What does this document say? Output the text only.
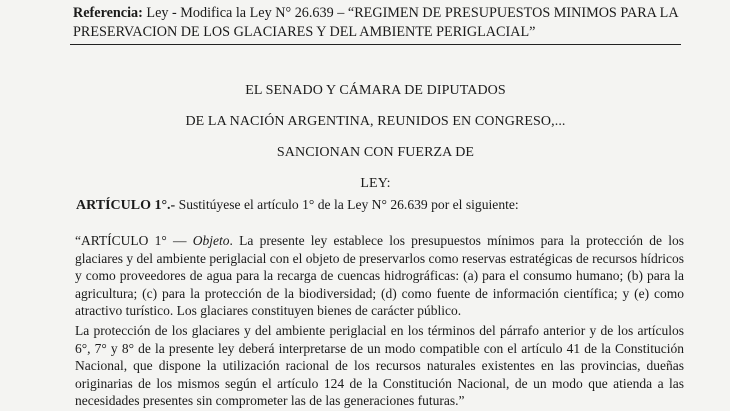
Referencia: Ley - Modifica la Ley N° 26.639 – “REGIMEN DE PRESUPUESTOS MINIMOS PARA LA PRESERVACION DE LOS GLACIARES Y DEL AMBIENTE PERIGLACIAL”
EL SENADO Y CÁMARA DE DIPUTADOS
DE LA NACIÓN ARGENTINA, REUNIDOS EN CONGRESO,...
SANCIONAN CON FUERZA DE
LEY:
ARTÍCULO 1°.- Sustitúyese el artículo 1° de la Ley N° 26.639 por el siguiente:
“ARTÍCULO 1° — Objeto. La presente ley establece los presupuestos mínimos para la protección de los glaciares y del ambiente periglacial con el objeto de preservarlos como reservas estratégicas de recursos hídricos y como proveedores de agua para la recarga de cuencas hidrográficas: (a) para el consumo humano; (b) para la agricultura; (c) para la protección de la biodiversidad; (d) como fuente de información científica; y (e) como atractivo turístico. Los glaciares constituyen bienes de carácter público.
La protección de los glaciares y del ambiente periglacial en los términos del párrafo anterior y de los artículos 6°, 7° y 8° de la presente ley deberá interpretarse de un modo compatible con el artículo 41 de la Constitución Nacional, que dispone la utilización racional de los recursos naturales existentes en las provincias, dueñas originarias de los mismos según el artículo 124 de la Constitución Nacional, de un modo que atienda a las necesidades presentes sin comprometer las de las generaciones futuras.”
